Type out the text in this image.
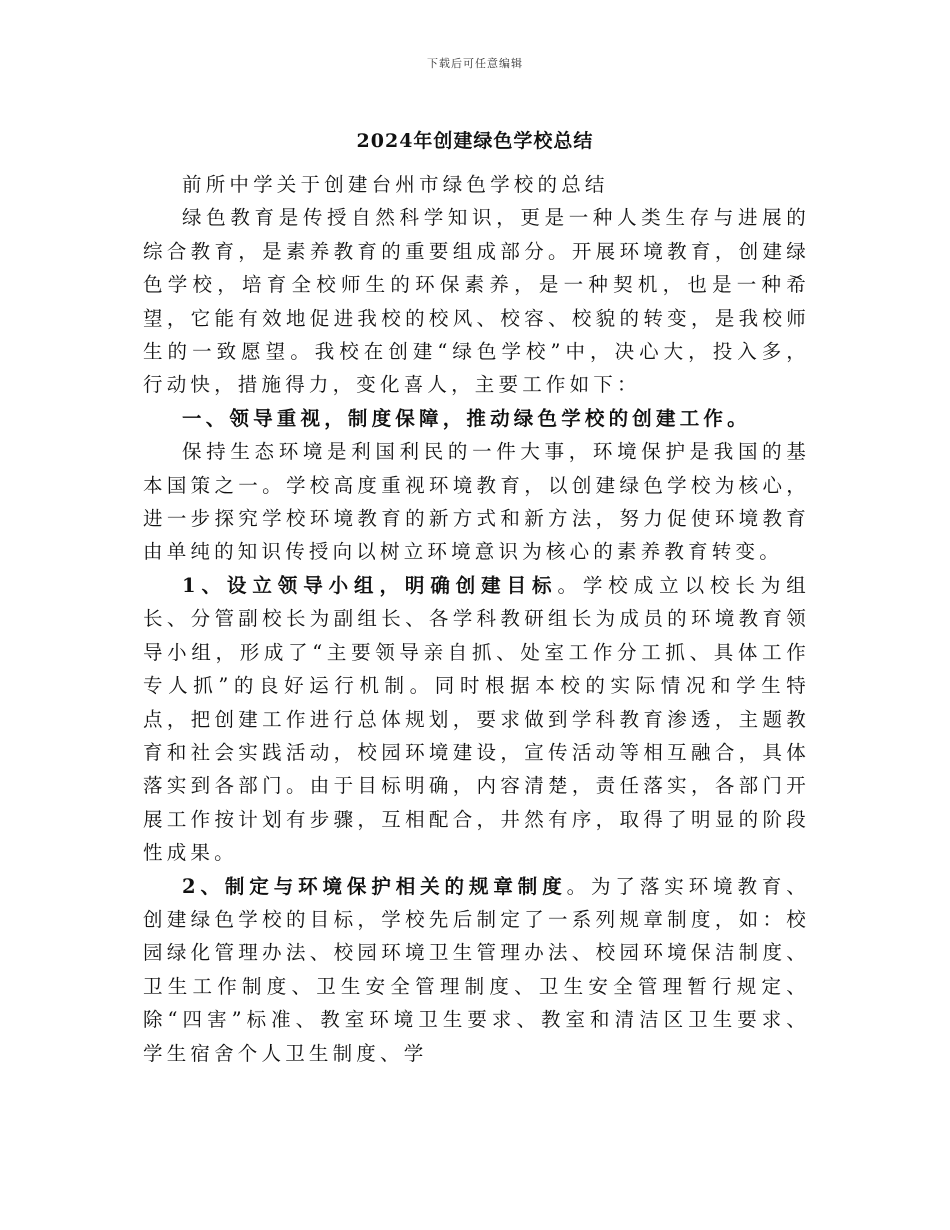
下载后可任意编辑
2024年创建绿色学校总结

前所中学关于创建台州市绿色学校的总结

绿色教育是传授自然科学知识，更是一种人类生存与进展的综合教育，是素养教育的重要组成部分。开展环境教育，创建绿色学校，培育全校师生的环保素养，是一种契机，也是一种希望，它能有效地促进我校的校风、校容、校貌的转变，是我校师生的一致愿望。我校在创建“绿色学校”中，决心大，投入多，行动快，措施得力，变化喜人，主要工作如下：

一、领导重视，制度保障，推动绿色学校的创建工作。

保持生态环境是利国利民的一件大事，环境保护是我国的基本国策之一。学校高度重视环境教育，以创建绿色学校为核心，进一步探究学校环境教育的新方式和新方法，努力促使环境教育由单纯的知识传授向以树立环境意识为核心的素养教育转变。

1、设立领导小组，明确创建目标。学校成立以校长为组长、分管副校长为副组长、各学科教研组长为成员的环境教育领导小组，形成了“主要领导亲自抓、处室工作分工抓、具体工作专人抓”的良好运行机制。同时根据本校的实际情况和学生特点，把创建工作进行总体规划，要求做到学科教育渗透，主题教育和社会实践活动，校园环境建设，宣传活动等相互融合，具体落实到各部门。由于目标明确，内容清楚，责任落实，各部门开展工作按计划有步骤，互相配合，井然有序，取得了明显的阶段性成果。

2、制定与环境保护相关的规章制度。为了落实环境教育、创建绿色学校的目标，学校先后制定了一系列规章制度，如：校园绿化管理办法、校园环境卫生管理办法、校园环境保洁制度、卫生工作制度、卫生安全管理制度、卫生安全管理暂行规定、除“四害”标准、教室环境卫生要求、教室和清洁区卫生要求、学生宿舍个人卫生制度、学
